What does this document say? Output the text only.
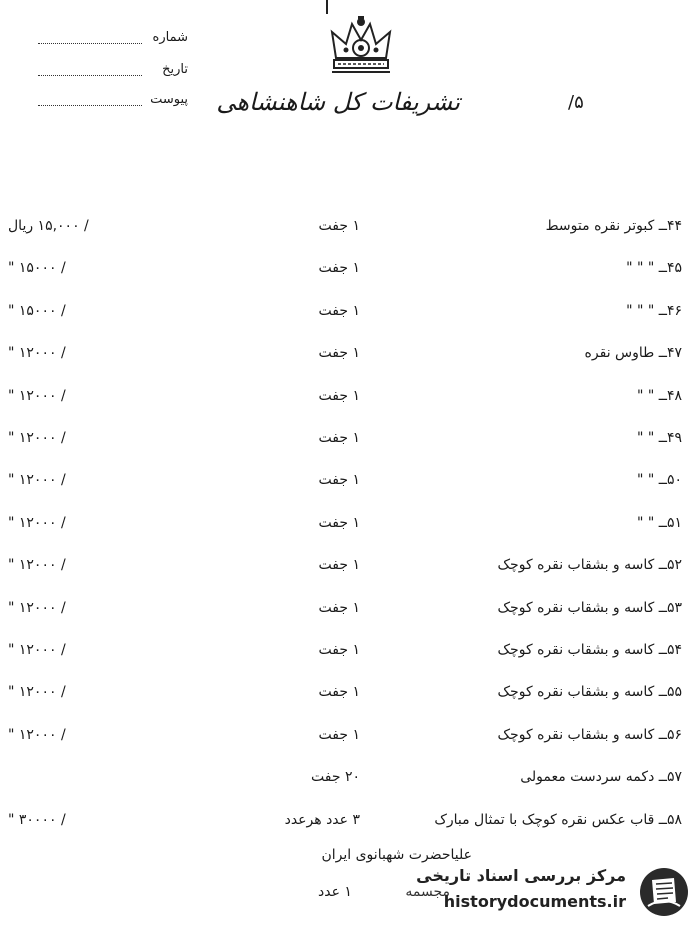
شماره
تاریخ
پیوست تشریفات کل شاهنشاهی	۵/
۴۴ــ کبوتر نقره متوسط
۱ جفت
/ ۱۵,۰۰۰ ریال
۴۵ــ " " "
۱ جفت
/ ۱۵۰۰۰ "
۴۶ــ " " "
۱ جفت
/ ۱۵۰۰۰ "
۴۷ــ طاوس نقره
۱ جفت
/ ۱۲۰۰۰ "
۴۸ــ " "
۱ جفت
/ ۱۲۰۰۰ "
۴۹ــ " "
۱ جفت
/ ۱۲۰۰۰ "
۵۰ــ " "
۱ جفت
/ ۱۲۰۰۰ "
۵۱ــ " "
۱ جفت
/ ۱۲۰۰۰ "
۵۲ــ کاسه و بشقاب نقره کوچک
۱ جفت
/ ۱۲۰۰۰ "
۵۳ــ کاسه و بشقاب نقره کوچک
۱ جفت
/ ۱۲۰۰۰ "
۵۴ــ کاسه و بشقاب نقره کوچک
۱ جفت
/ ۱۲۰۰۰ "
۵۵ــ کاسه و بشقاب نقره کوچک
۱ جفت
/ ۱۲۰۰۰ "
۵۶ــ کاسه و بشقاب نقره کوچک
۱ جفت
/ ۱۲۰۰۰ "
۵۷ــ دکمه سردست معمولی
۲۰ جفت
۵۸ــ قاب عکس نقره کوچک با تمثال مبارک
۳ عدد هرعدد
/ ۳۰۰۰۰ "
علیاحضرت شهبانوی ایران
مجسمه
۱ عدد
مرکز بررسی اسناد تاریخی
historydocuments.ir
